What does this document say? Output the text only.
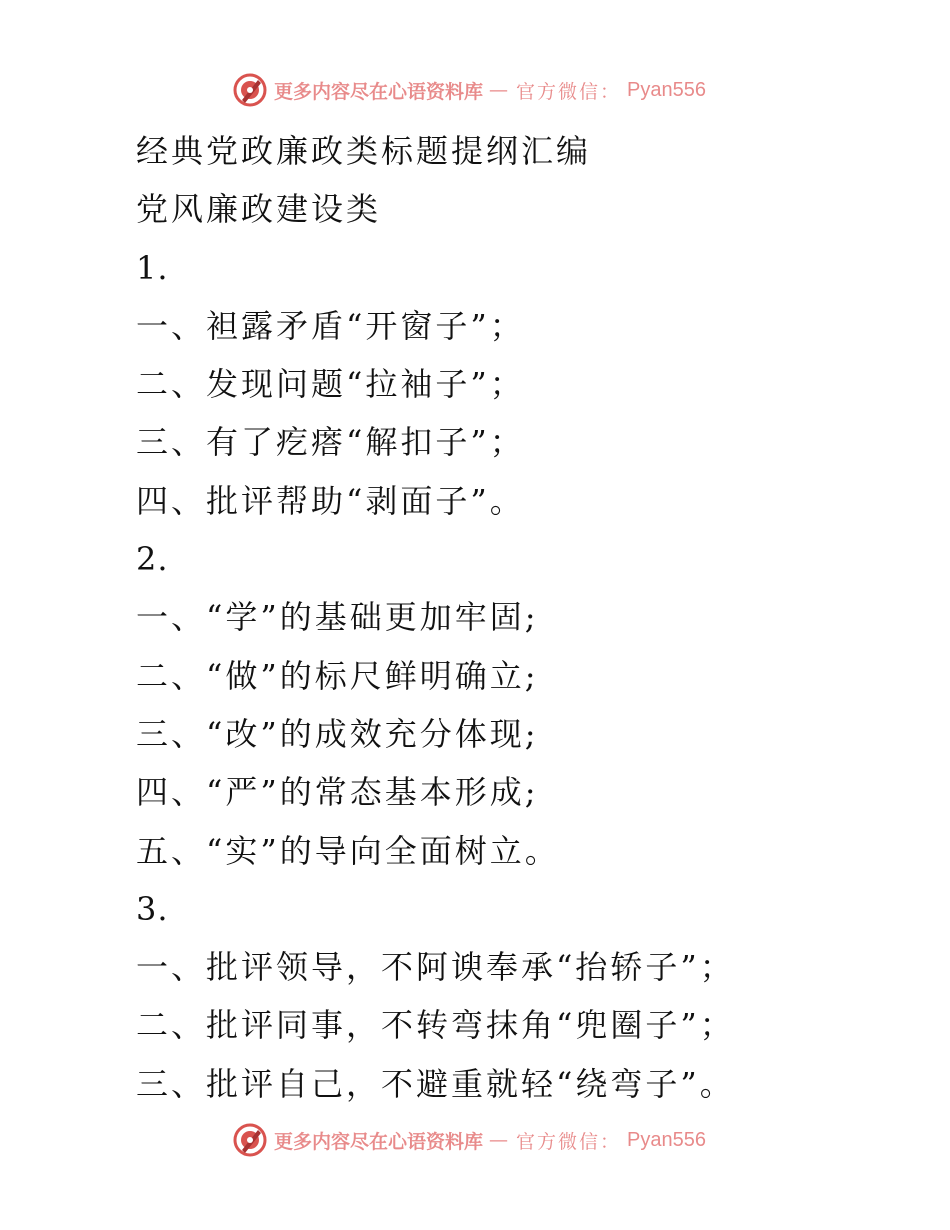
更多内容尽在心语资料库 — 官方微信： Pyan556
经典党政廉政类标题提纲汇编
党风廉政建设类
1.
一、袒露矛盾“开窗子”；
二、发现问题“拉袖子”；
三、有了疙瘩“解扣子”；
四、批评帮助“剥面子”。
2.
一、“学”的基础更加牢固;
二、“做”的标尺鲜明确立;
三、“改”的成效充分体现;
四、“严”的常态基本形成;
五、“实”的导向全面树立。
3.
一、批评领导，不阿谀奉承“抬轿子”；
二、批评同事，不转弯抹角“兜圈子”；
三、批评自己，不避重就轻“绕弯子”。
更多内容尽在心语资料库 — 官方微信： Pyan556
